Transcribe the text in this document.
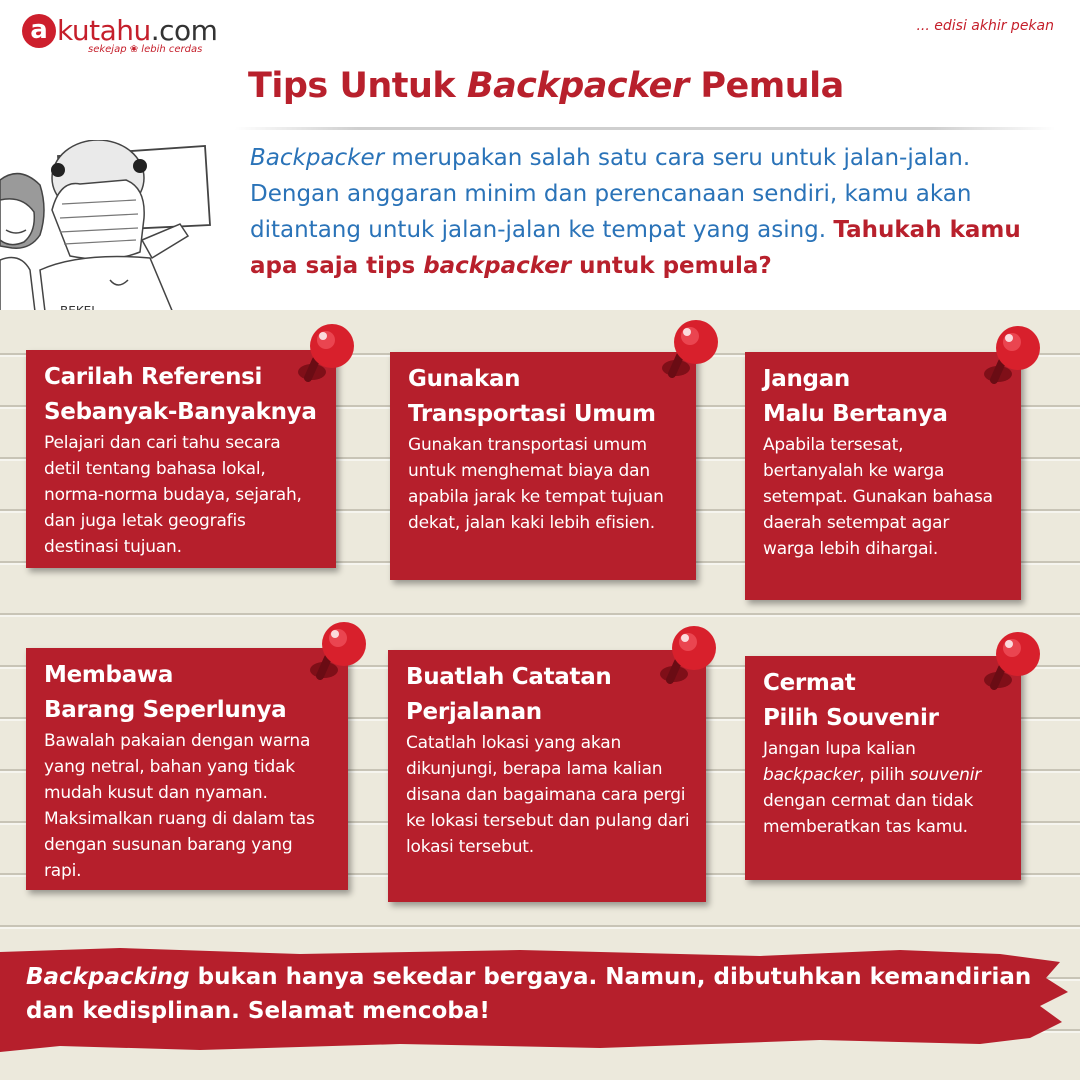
a kutahu .com
sekejap ❀ lebih cerdas
... edisi akhir pekan
Tips Untuk Backpacker Pemula

Backpacker merupakan salah satu cara seru untuk jalan-jalan. Dengan anggaran minim dan perencanaan sendiri, kamu akan ditantang untuk jalan-jalan ke tempat yang asing. Tahukah kamu apa saja tips backpacker untuk pemula?

Carilah Referensi
Sebanyak-Banyaknya
Pelajari dan cari tahu secara detil tentang bahasa lokal, norma-norma budaya, sejarah, dan juga letak geografis destinasi tujuan.
Gunakan
Transportasi Umum
Gunakan transportasi umum untuk menghemat biaya dan apabila jarak ke tempat tujuan dekat, jalan kaki lebih efisien.
Jangan
Malu Bertanya
Apabila tersesat, bertanyalah ke warga setempat. Gunakan bahasa daerah setempat agar warga lebih dihargai.
Membawa
Barang Seperlunya
Bawalah pakaian dengan warna yang netral, bahan yang tidak mudah kusut dan nyaman. Maksimalkan ruang di dalam tas dengan susunan barang yang rapi.
Buatlah Catatan
Perjalanan
Catatlah lokasi yang akan dikunjungi, berapa lama kalian disana dan bagaimana cara pergi ke lokasi tersebut dan pulang dari lokasi tersebut.
Cermat
Pilih Souvenir
Jangan lupa kalian backpacker, pilih souvenir dengan cermat dan tidak memberatkan tas kamu.

Backpacking bukan hanya sekedar bergaya. Namun, dibutuhkan kemandirian dan kedisplinan. Selamat mencoba!
